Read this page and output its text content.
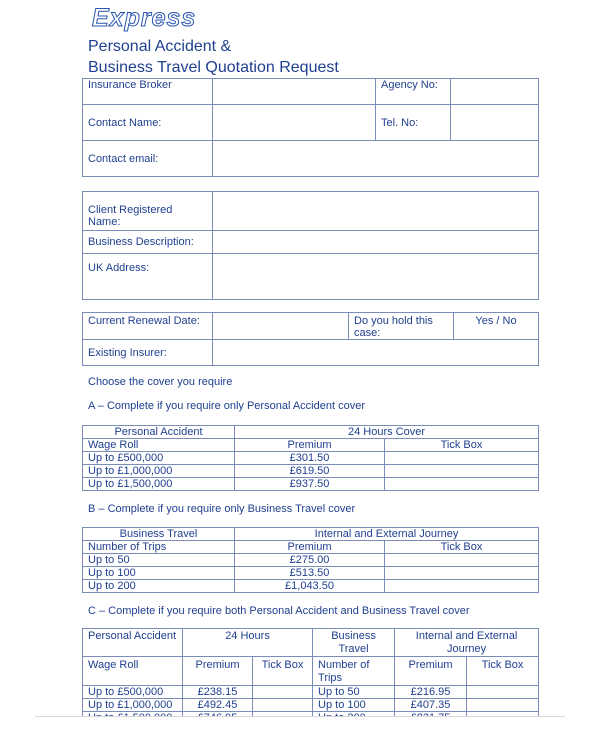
Express
Personal Accident &
Business Travel Quotation Request
Insurance Broker		Agency No:	
Contact Name:		Tel. No:	
Contact email:			
Client Registered Name:	
Business Description:	
UK Address:	
Current Renewal Date:		Do you hold this case:	Yes / No
Existing Insurer:			
Choose the cover you require
A – Complete if you require only Personal Accident cover
Personal Accident	24 Hours Cover	
Wage Roll	Premium	Tick Box
Up to £500,000	£301.50	
Up to £1,000,000	£619.50	
Up to £1,500,000	£937.50	
B – Complete if you require only Business Travel cover
Business Travel	Internal and External Journey	
Number of Trips	Premium	Tick Box
Up to 50	£275.00	
Up to 100	£513.50	
Up to 200	£1,043.50	
C – Complete if you require both Personal Accident and Business Travel cover
Personal Accident	24 Hours		Business Travel	Internal and External Journey	
Wage Roll	Premium	Tick Box	Number of Trips	Premium	Tick Box
Up to £500,000	£238.15		Up to 50	£216.95	
Up to £1,000,000	£492.45		Up to 100	£407.35	
